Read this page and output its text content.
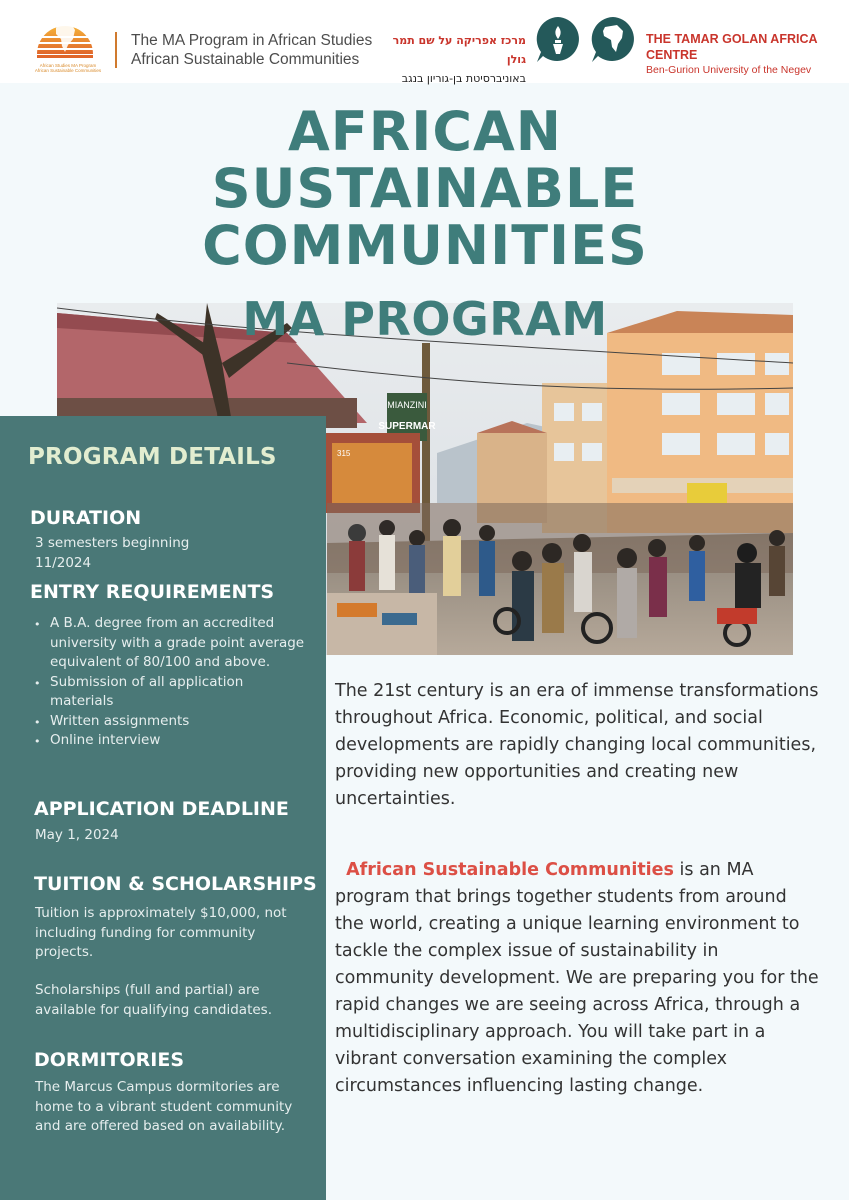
African Studies MA Program
African Sustainable Communities
The MA Program in African Studies
African Sustainable Communities
מרכז אפריקה על שם תמר גולן
באוניברסיטת בן-גוריון בנגב
THE TAMAR GOLAN AFRICA CENTRE
Ben-Gurion University of the Negev
AFRICAN
SUSTAINABLE
COMMUNITIES
MIANZINI
SUPERMAR
315
MA PROGRAM
PROGRAM DETAILS
DURATION
3 semesters beginning 11/2024
ENTRY REQUIREMENTS
• A B.A. degree from an accredited university with a grade point average equivalent of 80/100 and above.
• Submission of all application materials
• Written assignments
• Online interview
APPLICATION DEADLINE
May 1, 2024
TUITION & SCHOLARSHIPS
Tuition is approximately $10,000, not including funding for community projects.
Scholarships (full and partial) are available for qualifying candidates.
DORMITORIES
The Marcus Campus dormitories are home to a vibrant student community and are offered based on availability.
The 21st century is an era of immense transformations throughout Africa. Economic, political, and social developments are rapidly changing local communities, providing new opportunities and creating new uncertainties.
African Sustainable Communities is an MA program that brings together students from around the world, creating a unique learning environment to tackle the complex issue of sustainability in community development. We are preparing you for the rapid changes we are seeing across Africa, through a multidisciplinary approach. You will take part in a vibrant conversation examining the complex circumstances influencing lasting change.
